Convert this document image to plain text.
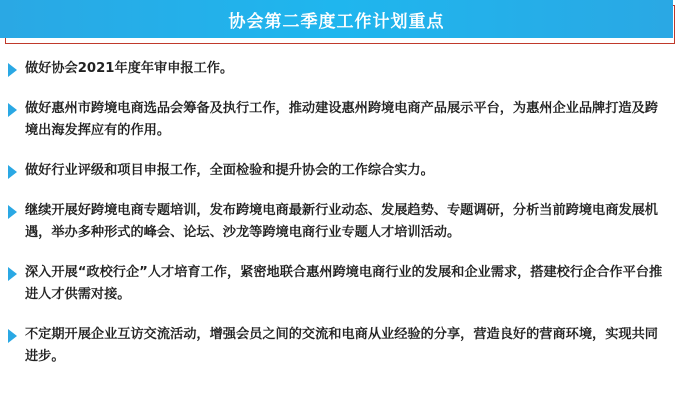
协会第二季度工作计划重点
做好协会2021年度年审申报工作。
做好惠州市跨境电商选品会筹备及执行工作，推动建设惠州跨境电商产品展示平台，为惠州企业品牌打造及跨境出海发挥应有的作用。
做好行业评级和项目申报工作，全面检验和提升协会的工作综合实力。
继续开展好跨境电商专题培训，发布跨境电商最新行业动态、发展趋势、专题调研，分析当前跨境电商发展机遇，举办多种形式的峰会、论坛、沙龙等跨境电商行业专题人才培训活动。
深入开展“政校行企”人才培育工作，紧密地联合惠州跨境电商行业的发展和企业需求，搭建校行企合作平台推进人才供需对接。
不定期开展企业互访交流活动，增强会员之间的交流和电商从业经验的分享，营造良好的营商环境，实现共同进步。
